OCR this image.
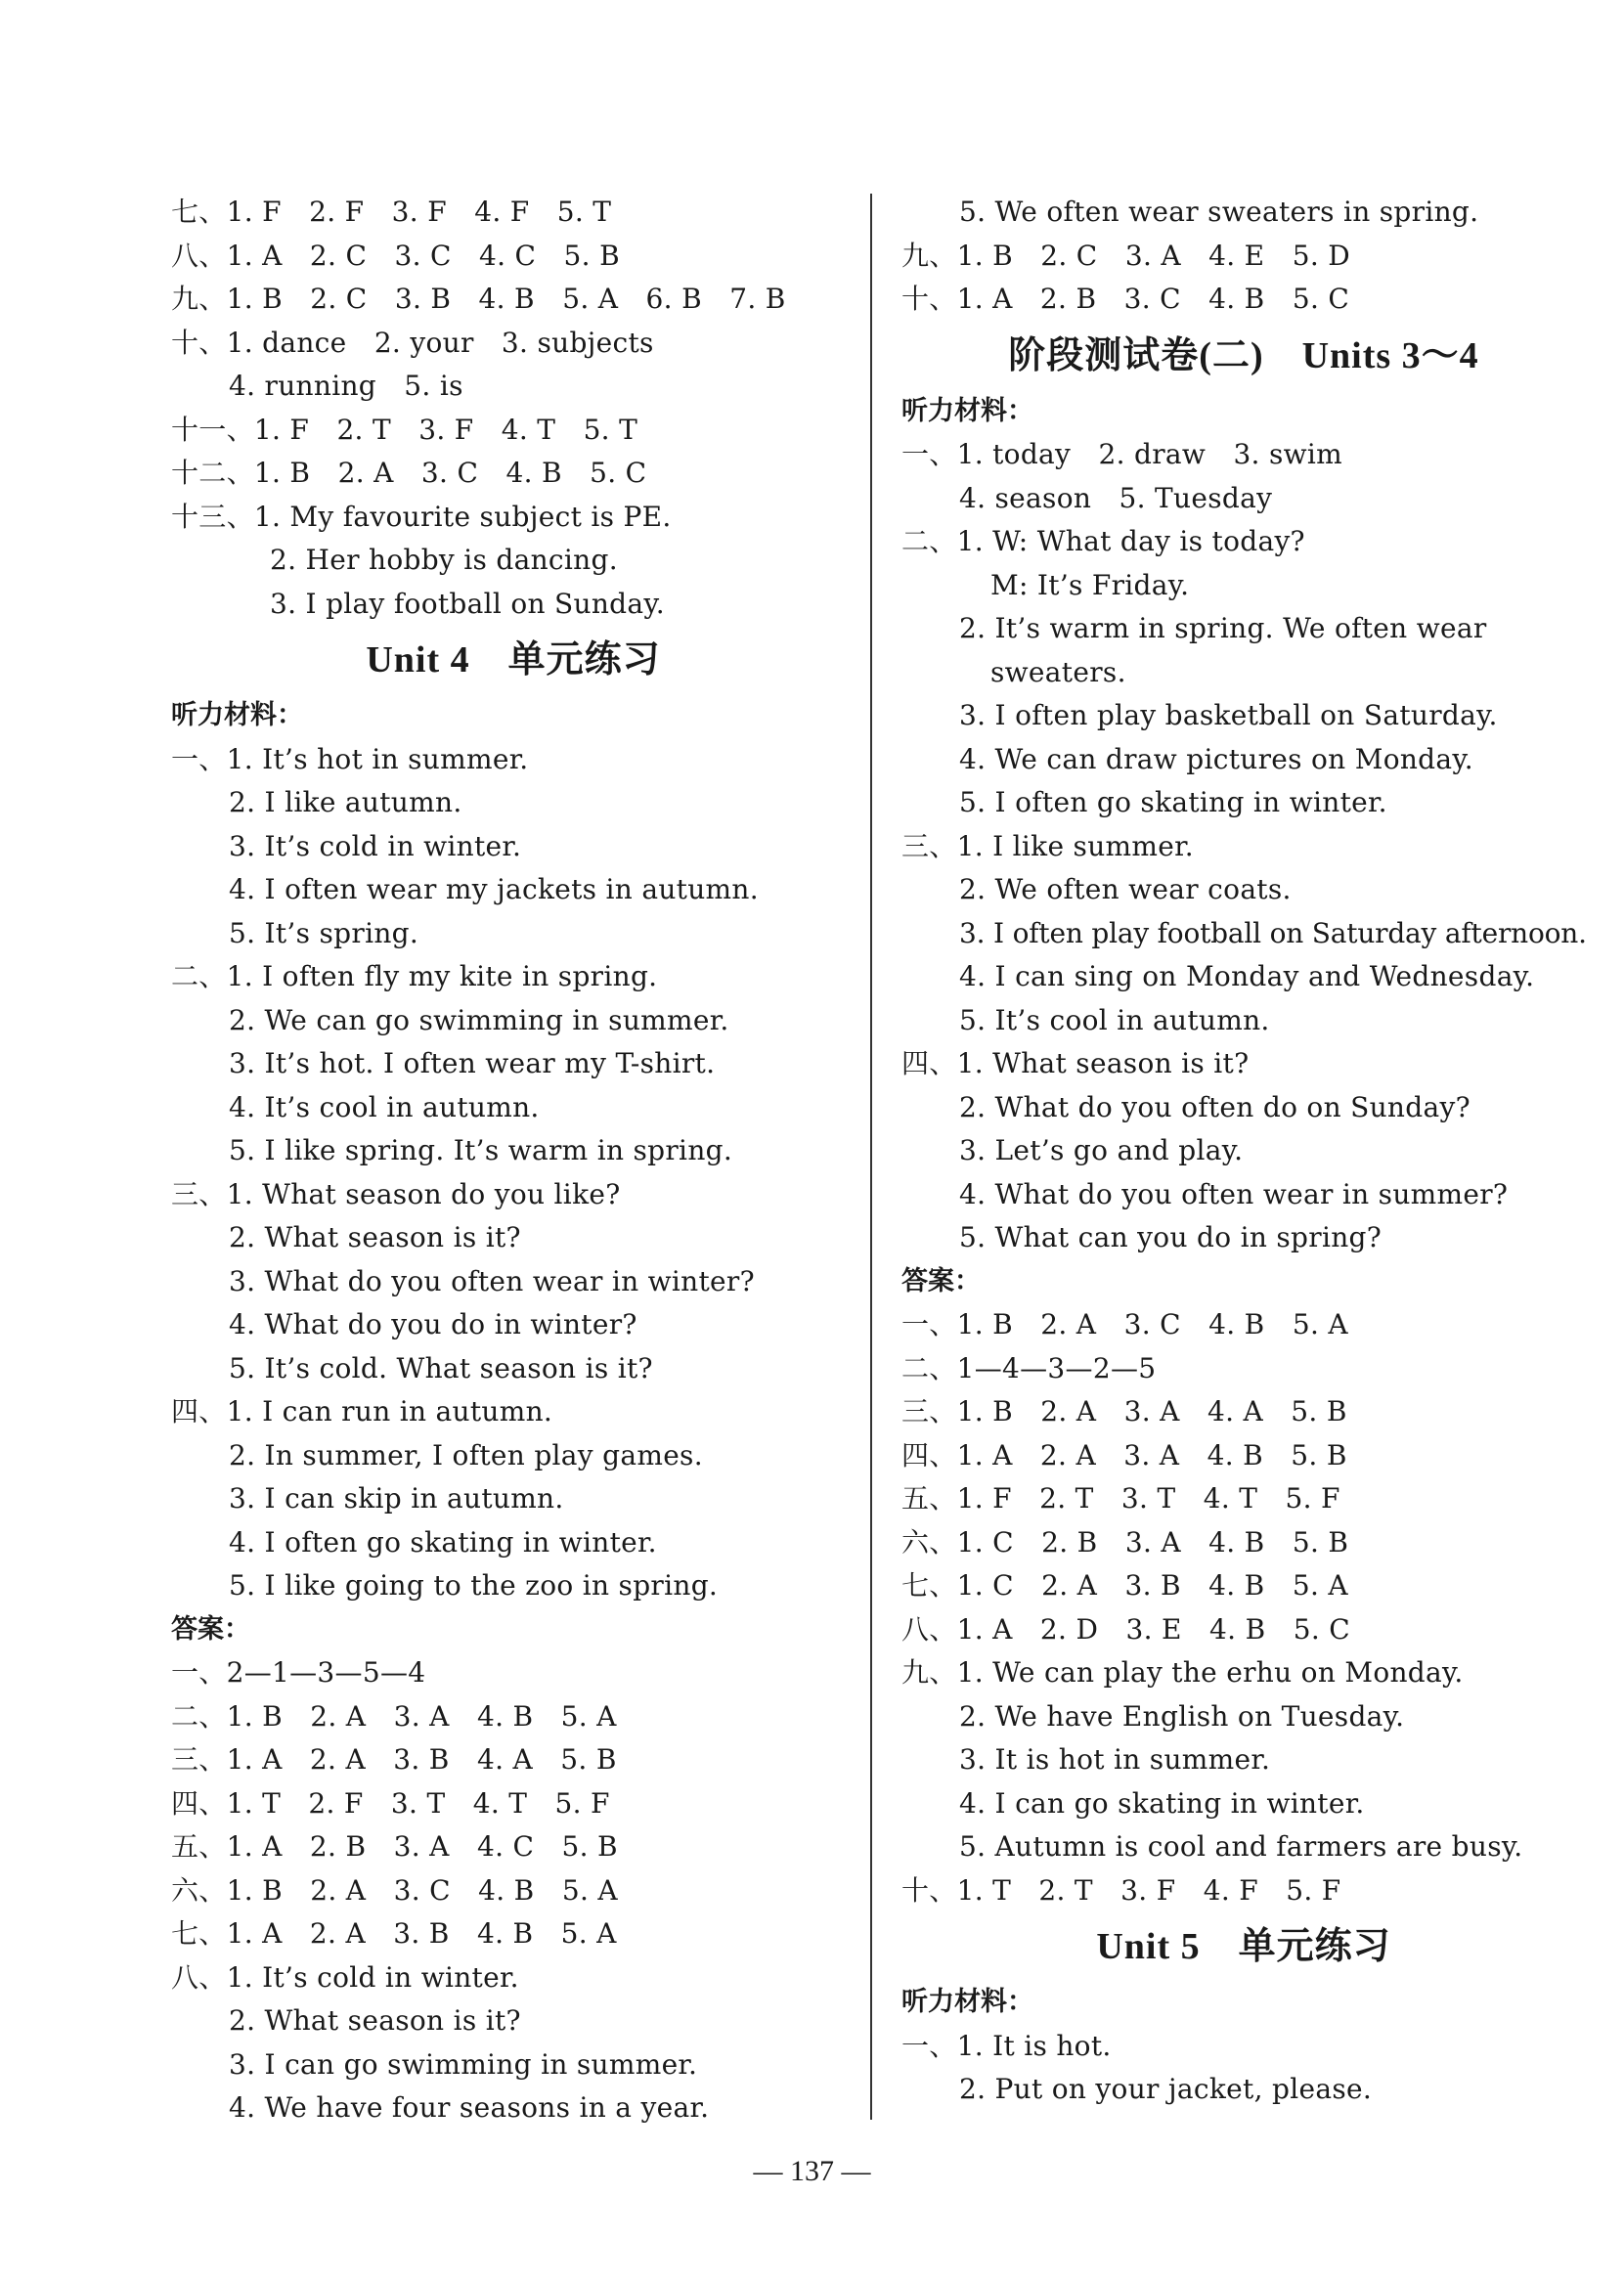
七、1. F　2. F　3. F　4. F　5. T
八、1. A　2. C　3. C　4. C　5. B
九、1. B　2. C　3. B　4. B　5. A　6. B　7. B
十、1. dance　2. your　3. subjects
4. running　5. is
十一、1. F　2. T　3. F　4. T　5. T
十二、1. B　2. A　3. C　4. B　5. C
十三、1. My favourite subject is PE.
2. Her hobby is dancing.
3. I play football on Sunday.
Unit 4　单元练习
听力材料：
一、1. It’s hot in summer.
2. I like autumn.
3. It’s cold in winter.
4. I often wear my jackets in autumn.
5. It’s spring.
二、1. I often fly my kite in spring.
2. We can go swimming in summer.
3. It’s hot. I often wear my T-shirt.
4. It’s cool in autumn.
5. I like spring. It’s warm in spring.
三、1. What season do you like?
2. What season is it?
3. What do you often wear in winter?
4. What do you do in winter?
5. It’s cold. What season is it?
四、1. I can run in autumn.
2. In summer, I often play games.
3. I can skip in autumn.
4. I often go skating in winter.
5. I like going to the zoo in spring.
答案：
一、2—1—3—5—4
二、1. B　2. A　3. A　4. B　5. A
三、1. A　2. A　3. B　4. A　5. B
四、1. T　2. F　3. T　4. T　5. F
五、1. A　2. B　3. A　4. C　5. B
六、1. B　2. A　3. C　4. B　5. A
七、1. A　2. A　3. B　4. B　5. A
八、1. It’s cold in winter.
2. What season is it?
3. I can go swimming in summer.
4. We have four seasons in a year.
5. We often wear sweaters in spring.
九、1. B　2. C　3. A　4. E　5. D
十、1. A　2. B　3. C　4. B　5. C
阶段测试卷(二)　Units 3～4
听力材料：
一、1. today　2. draw　3. swim
4. season　5. Tuesday
二、1. W: What day is today?
M: It’s Friday.
2. It’s warm in spring. We often wear
sweaters.
3. I often play basketball on Saturday.
4. We can draw pictures on Monday.
5. I often go skating in winter.
三、1. I like summer.
2. We often wear coats.
3. I often play football on Saturday afternoon.
4. I can sing on Monday and Wednesday.
5. It’s cool in autumn.
四、1. What season is it?
2. What do you often do on Sunday?
3. Let’s go and play.
4. What do you often wear in summer?
5. What can you do in spring?
答案：
一、1. B　2. A　3. C　4. B　5. A
二、1—4—3—2—5
三、1. B　2. A　3. A　4. A　5. B
四、1. A　2. A　3. A　4. B　5. B
五、1. F　2. T　3. T　4. T　5. F
六、1. C　2. B　3. A　4. B　5. B
七、1. C　2. A　3. B　4. B　5. A
八、1. A　2. D　3. E　4. B　5. C
九、1. We can play the erhu on Monday.
2. We have English on Tuesday.
3. It is hot in summer.
4. I can go skating in winter.
5. Autumn is cool and farmers are busy.
十、1. T　2. T　3. F　4. F　5. F
Unit 5　单元练习
听力材料：
一、1. It is hot.
2. Put on your jacket, please.
— 137 —
